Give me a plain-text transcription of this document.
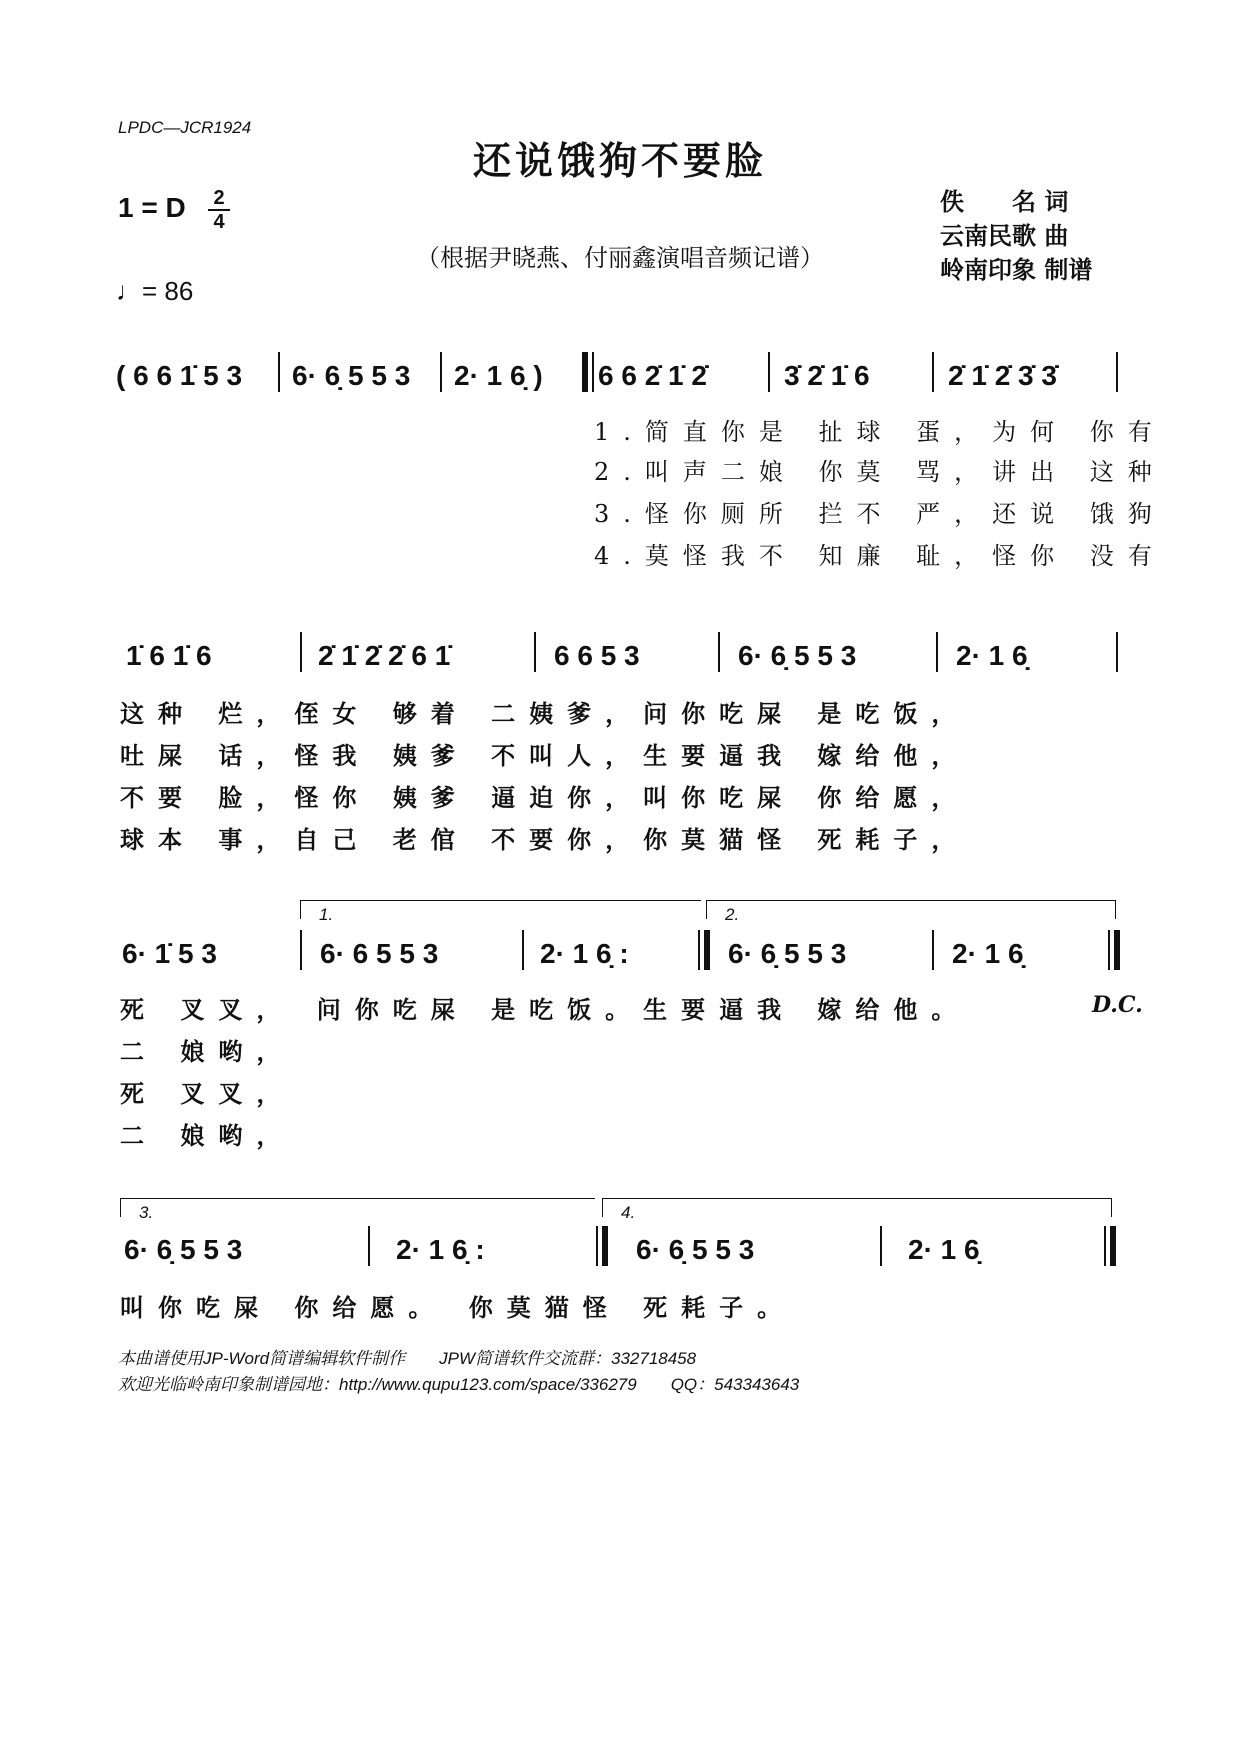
LPDC—JCR1924
还说饿狗不要脸
1 = D 2
4
（根据尹晓燕、付丽鑫演唱音频记谱）
♩= 86
佚　　名 词
云南民歌 曲
岭南印象 制谱
( 6 6 1̇ 5 3 6· 6̣ 5 5 3 2· 1 6̣ ) 6 6 2̇ 1̇ 2̇	3̇ 2̇ 1̇ 6	2̇ 1̇ 2̇ 3̇ 3̇
1.简直你是 扯球 蛋，为何 你有
2.叫声二娘 你莫 骂，讲出 这种
3.怪你厕所 拦不 严，还说 饿狗
4.莫怪我不 知廉 耻，怪你 没有
1̇ 6 1̇ 6	2̇ 1̇ 2̇ 2̇ 6 1̇	6 6 5 3	6· 6̣ 5 5 3	2· 1 6̣
这种 烂，侄女 够着 二姨爹，问你吃屎 是吃饭，
吐屎 话，怪我 姨爹 不叫人，生要逼我 嫁给他，
不要 脸，怪你 姨爹 逼迫你，叫你吃屎 你给愿，
球本 事，自己 老倌 不要你，你莫猫怪 死耗子，
1.	2.
6· 1̇ 5 3	6· 6 5 5 3	2· 1 6̣ :	6· 6̣ 5 5 3	2· 1 6̣
死 叉叉， 问你吃屎 是吃饭。生要逼我 嫁给他。	D.C.
二 娘哟，
死 叉叉，
二 娘哟，
3.	4.
6· 6̣ 5 5 3	2· 1 6̣ :	6· 6̣ 5 5 3	2· 1 6̣
叫你吃屎 你给愿。 你莫猫怪 死耗子。
本曲谱使用JP-Word简谱编辑软件制作　　JPW简谱软件交流群：332718458
欢迎光临岭南印象制谱园地：http://www.qupu123.com/space/336279　　QQ：543343643
